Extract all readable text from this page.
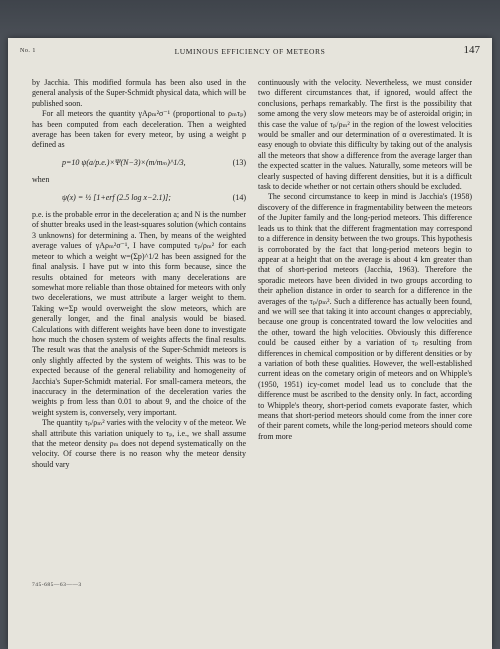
No. 1	LUMINOUS EFFICIENCY OF METEORS	147

by Jacchia. This modified formula has been also used in the general analysis of the Super-Schmidt physical data, which will be published soon.

For all meteors the quantity γAρₘ²σ⁻¹ (proportional to ρₘτₚ) has been computed from each deceleration. Then a weighted average has been taken for every meteor, by using a weight p defined as

p=10 ψ(a/p.e.)×Ψ(N−3)×(m/mₘ)^1/3,	(13)

when

ψ(x) = ½ [1+erf (2.5 log x−2.1)];	(14)

p.e. is the probable error in the deceleration a; and N is the number of shutter breaks used in the least-squares solution (which contains 3 unknowns) for determining a. Then, by means of the weighted average values of γAρₘ²σ⁻¹, I have computed τₚ/ρₘ² for each meteor to which a weight w=(Σp)^1/2 has been assigned for the final analysis. I have put w into this form because, since the results obtained for meteors with many decelerations are somewhat more reliable than those obtained for meteors with only two decelerations, we must attribute a larger weight to them. Taking w=Σp would overweight the slow meteors, which are generally longer, and the final analysis would be biased. Calculations with different weights have been done to investigate how much the chosen system of weights affects the final results. The result was that the analysis of the Super-Schmidt meteors is only slightly affected by the system of weights. This was to be expected because of the general reliability and homogeneity of Jacchia's Super-Schmidt material. For small-camera meteors, the inaccuracy in the determination of the deceleration varies the weights p from less than 0.01 to about 9, and the choice of the weight system is, conversely, very important.

The quantity τₚ/ρₘ² varies with the velocity v of the meteor. We shall attribute this variation uniquely to τₚ, i.e., we shall assume that the meteor density ρₘ does not depend systematically on the velocity. Of course there is no reason why the meteor density should vary

continuously with the velocity. Nevertheless, we must consider two different circumstances that, if ignored, would affect the conclusions, perhaps remarkably. The first is the possibility that some among the very slow meteors may be of asteroidal origin; in this case the value of τₚ/ρₘ² in the region of the lowest velocities would be smaller and our determination of α overestimated. It is easy enough to obviate this difficulty by taking out of the analysis all the meteors that show a difference from the average larger than the expected scatter in the values. Naturally, some meteors will be clearly suspected of having different densities, but it is a difficult task to decide whether or not certain others should be excluded.

The second circumstance to keep in mind is Jacchia's (1958) discovery of the difference in fragmentability between the meteors of the Jupiter family and the long-period meteors. This difference leads us to think that the different fragmentation may correspond to a difference in density between the two groups. This hypothesis is corroborated by the fact that long-period meteors begin to appear at a height that on the average is about 4 km greater than that of short-period meteors (Jacchia, 1963). Therefore the sporadic meteors have been divided in two groups according to their aphelion distance in order to search for a difference in the averages of the τₚ/ρₘ². Such a difference has actually been found, and we will see that taking it into account changes α appreciably, because one group is concentrated toward the low velocities and the other, toward the high velocities. Obviously this difference could be caused either by a variation of τₚ resulting from differences in chemical composition or by different densities or by a variation of both these qualities. However, the well-established current ideas on the cometary origin of meteors and on Whipple's (1950, 1951) icy-comet model lead us to conclude that the difference must be ascribed to the density only. In fact, according to Whipple's theory, short-period comets evaporate faster, which means that short-period meteors should come from the inner core of their parent comets, while the long-period meteors should come from more

745-685—63——3
